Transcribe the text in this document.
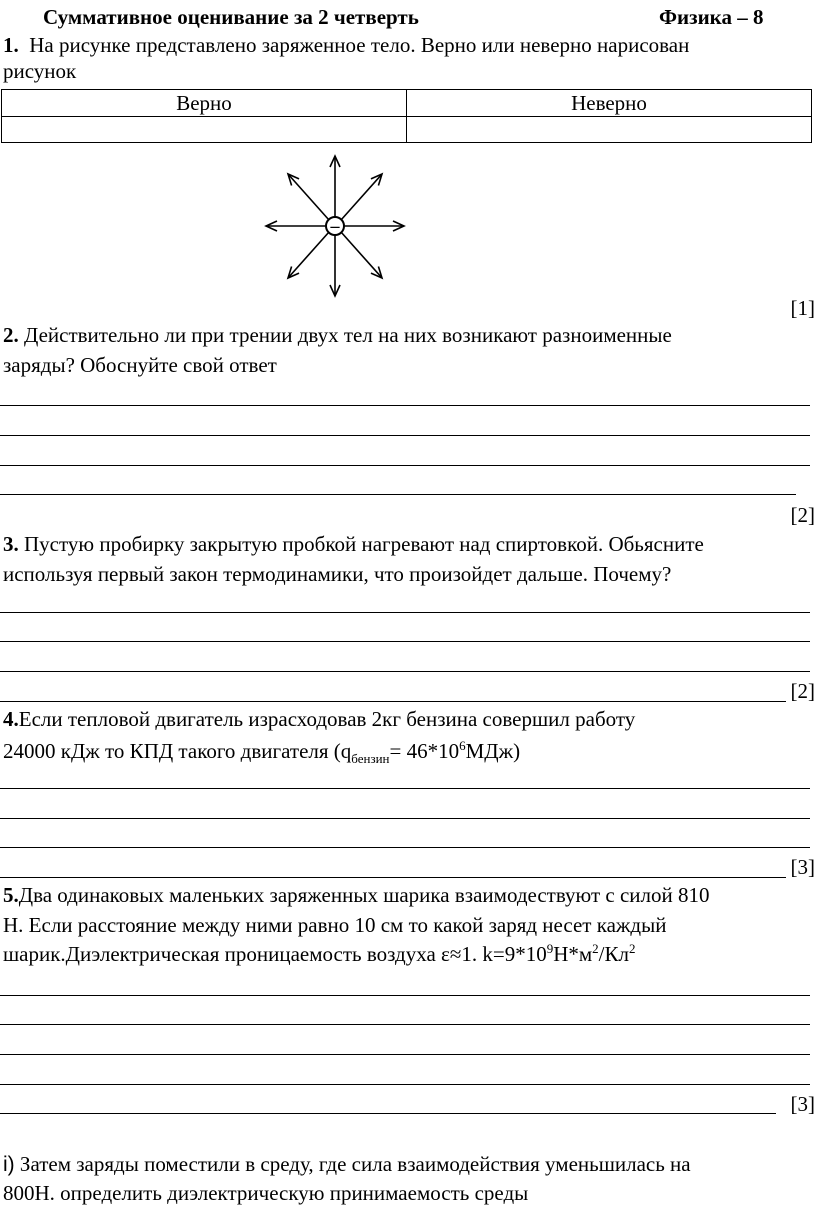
Суммативное оценивание за 2 четверть	Физика – 8
1. На рисунке представлено заряженное тело. Верно или неверно нарисован
рисунок
Верно	Неверно

–
[1]
2. Действительно ли при трении двух тел на них возникают разноименные
заряды? Обоснуйте свой ответ
[2]
3. Пустую пробирку закрытую пробкой нагревают над спиртовкой. Обьясните
используя первый закон термодинамики, что произойдет дальше. Почему?
[2]
4.Если тепловой двигатель израсходовав 2кг бензина совершил работу
24000 кДж то КПД такого двигателя $(q_{бензин}= 46*10^6МДж)$
[3]
5.Два одинаковых маленьких заряженных шарика взаимодествуют с силой 810
Н. Если расстояние между ними равно 10 см то какой заряд несет каждый
шарик.Диэлектрическая проницаемость воздуха ε≈1. $k=9*10^9Н*м^2/Кл^2$
[3]
i) Затем заряды поместили в среду, где сила взаимодействия уменьшилась на
800Н. определить диэлектрическую принимаемость среды
